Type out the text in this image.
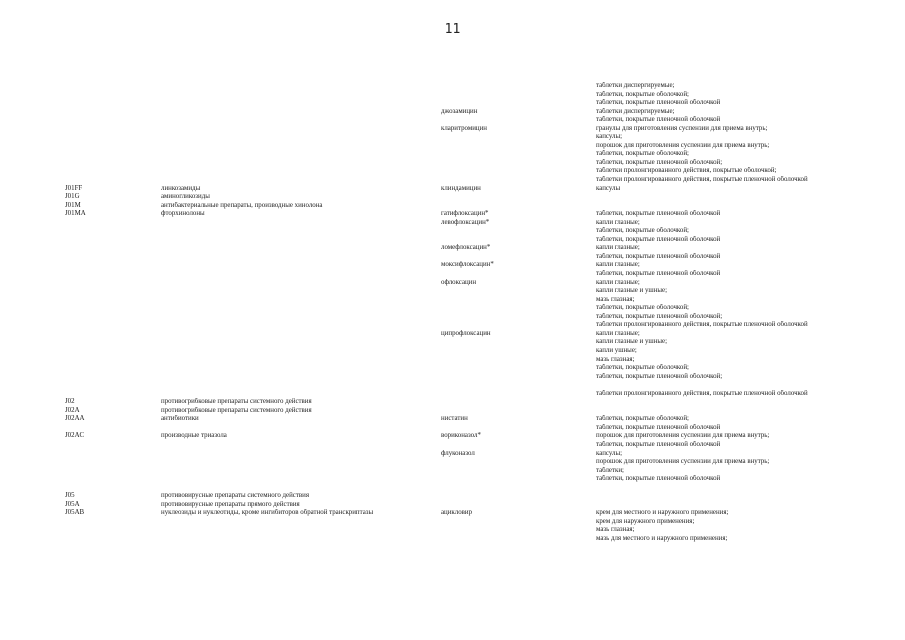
11

			таблетки диспергируемые;
			таблетки, покрытые оболочкой;
			таблетки, покрытые пленочной оболочкой
		джозамицин	таблетки диспергируемые;
			таблетки, покрытые пленочной оболочкой
		кларитромицин	гранулы для приготовления суспензии для приема внутрь;
			капсулы;
			порошок для приготовления суспензии для приема внутрь;
			таблетки, покрытые оболочкой;
			таблетки, покрытые пленочной оболочкой;
			таблетки пролонгированного действия, покрытые оболочкой;
			таблетки пролонгированного действия, покрытые пленочной оболочкой
J01FF	линкозамиды	клиндамицин	капсулы
J01G	аминогликозиды		
J01M	антибактериальные препараты, производные хинолона		
J01MA	фторхинолоны	гатифлоксацин*	таблетки, покрытые пленочной оболочкой
		левофлоксацин*	капли глазные;
			таблетки, покрытые оболочкой;
			таблетки, покрытые пленочной оболочкой
		ломефлоксацин*	капли глазные;
			таблетки, покрытые пленочной оболочкой
		моксифлоксацин*	капли глазные;
			таблетки, покрытые пленочной оболочкой
		офлоксацин	капли глазные;
			капли глазные и ушные;
			мазь глазная;
			таблетки, покрытые оболочкой;
			таблетки, покрытые пленочной оболочкой;
			таблетки пролонгированного действия, покрытые пленочной оболочкой
		ципрофлоксацин	капли глазные;
			капли глазные и ушные;
			капли ушные;
			мазь глазная;
			таблетки, покрытые оболочкой;
			таблетки, покрытые пленочной оболочкой;

			таблетки пролонгированного действия, покрытые пленочной оболочкой
J02	противогрибковые препараты системного действия		
J02A	противогрибковые препараты системного действия		
J02AA	антибиотики	нистатин	таблетки, покрытые оболочкой;
			таблетки, покрытые пленочной оболочкой
J02AC	производные триазола	вориконазол*	порошок для приготовления суспензии для приема внутрь;
			таблетки, покрытые пленочной оболочкой
		флуконазол	капсулы;
			порошок для приготовления суспензии для приема внутрь;
			таблетки;
			таблетки, покрытые пленочной оболочкой

J05	противовирусные препараты системного действия		
J05A	противовирусные препараты прямого действия		
J05AB	нуклеозиды и нуклеотиды, кроме ингибиторов обратной транскриптазы	ацикловир	крем для местного и наружного применения;
			крем для наружного применения;
			мазь глазная;
			мазь для местного и наружного применения;
